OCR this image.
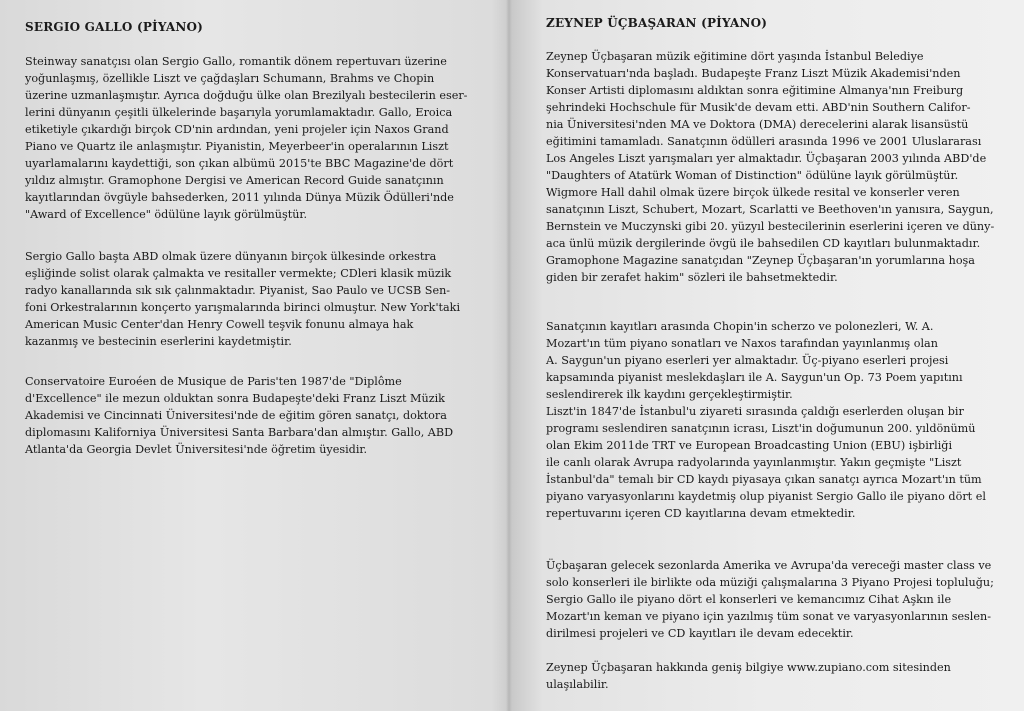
SERGIO GALLO (PİYANO)
Steinway sanatçısı olan Sergio Gallo, romantik dönem repertuvarı üzerine
yoğunlaşmış, özellikle Liszt ve çağdaşları Schumann, Brahms ve Chopin
üzerine uzmanlaşmıştır. Ayrıca doğduğu ülke olan Brezilyalı bestecilerin eser-
lerini dünyanın çeşitli ülkelerinde başarıyla yorumlamaktadır. Gallo, Eroica
etiketiyle çıkardığı birçok CD'nin ardından, yeni projeler için Naxos Grand
Piano ve Quartz ile anlaşmıştır. Piyanistin, Meyerbeer'in operalarının Liszt
uyarlamalarını kaydettiği, son çıkan albümü 2015'te BBC Magazine'de dört
yıldız almıştır. Gramophone Dergisi ve American Record Guide sanatçının
kayıtlarından övgüyle bahsederken, 2011 yılında Dünya Müzik Ödülleri'nde
"Award of Excellence" ödülüne layık görülmüştür.
Sergio Gallo başta ABD olmak üzere dünyanın birçok ülkesinde orkestra
eşliğinde solist olarak çalmakta ve resitaller vermekte; CDleri klasik müzik
radyo kanallarında sık sık çalınmaktadır. Piyanist, Sao Paulo ve UCSB Sen-
foni Orkestralarının konçerto yarışmalarında birinci olmuştur. New York'taki
American Music Center'dan Henry Cowell teşvik fonunu almaya hak
kazanmış ve bestecinin eserlerini kaydetmiştir.
Conservatoire Euroéen de Musique de Paris'ten 1987'de "Diplôme
d'Excellence" ile mezun olduktan sonra Budapeşte'deki Franz Liszt Müzik
Akademisi ve Cincinnati Üniversitesi'nde de eğitim gören sanatçı, doktora
diplomasını Kaliforniya Üniversitesi Santa Barbara'dan almıştır. Gallo, ABD
Atlanta'da Georgia Devlet Üniversitesi'nde öğretim üyesidir.
ZEYNEP ÜÇBAŞARAN (PİYANO)
Zeynep Üçbaşaran müzik eğitimine dört yaşında İstanbul Belediye
Konservatuarı'nda başladı. Budapeşte Franz Liszt Müzik Akademisi'nden
Konser Artisti diplomasını aldıktan sonra eğitimine Almanya'nın Freiburg
şehrindeki Hochschule für Musik'de devam etti. ABD'nin Southern Califor-
nia Üniversitesi'nden MA ve Doktora (DMA) derecelerini alarak lisansüstü
eğitimini tamamladı. Sanatçının ödülleri arasında 1996 ve 2001 Uluslararası
Los Angeles Liszt yarışmaları yer almaktadır. Üçbaşaran 2003 yılında ABD'de
"Daughters of Atatürk Woman of Distinction" ödülüne layık görülmüştür.
Wigmore Hall dahil olmak üzere birçok ülkede resital ve konserler veren
sanatçının Liszt, Schubert, Mozart, Scarlatti ve Beethoven'ın yanısıra, Saygun,
Bernstein ve Muczynski gibi 20. yüzyıl bestecilerinin eserlerini içeren ve düny-
aca ünlü müzik dergilerinde övgü ile bahsedilen CD kayıtları bulunmaktadır.
Gramophone Magazine sanatçıdan "Zeynep Üçbaşaran'ın yorumlarına hoşa
giden bir zerafet hakim" sözleri ile bahsetmektedir.
Sanatçının kayıtları arasında Chopin'in scherzo ve polonezleri, W. A.
Mozart'ın tüm piyano sonatları ve Naxos tarafından yayınlanmış olan
A. Saygun'un piyano eserleri yer almaktadır. Üç-piyano eserleri projesi
kapsamında piyanist meslekdaşları ile A. Saygun'un Op. 73 Poem yapıtını
seslendirerek ilk kaydını gerçekleştirmiştir.
Liszt'in 1847'de İstanbul'u ziyareti sırasında çaldığı eserlerden oluşan bir
programı seslendiren sanatçının icrası, Liszt'in doğumunun 200. yıldönümü
olan Ekim 2011de TRT ve European Broadcasting Union (EBU) işbirliği
ile canlı olarak Avrupa radyolarında yayınlanmıştır. Yakın geçmişte "Liszt
İstanbul'da" temalı bir CD kaydı piyasaya çıkan sanatçı ayrıca Mozart'ın tüm
piyano varyasyonlarını kaydetmiş olup piyanist Sergio Gallo ile piyano dört el
repertuvarını içeren CD kayıtlarına devam etmektedir.
Üçbaşaran gelecek sezonlarda Amerika ve Avrupa'da vereceği master class ve
solo konserleri ile birlikte oda müziği çalışmalarına 3 Piyano Projesi topluluğu;
Sergio Gallo ile piyano dört el konserleri ve kemancımız Cihat Aşkın ile
Mozart'ın keman ve piyano için yazılmış tüm sonat ve varyasyonlarının seslen-
dirilmesi projeleri ve CD kayıtları ile devam edecektir.
Zeynep Üçbaşaran hakkında geniş bilgiye www.zupiano.com sitesinden
ulaşılabilir.
